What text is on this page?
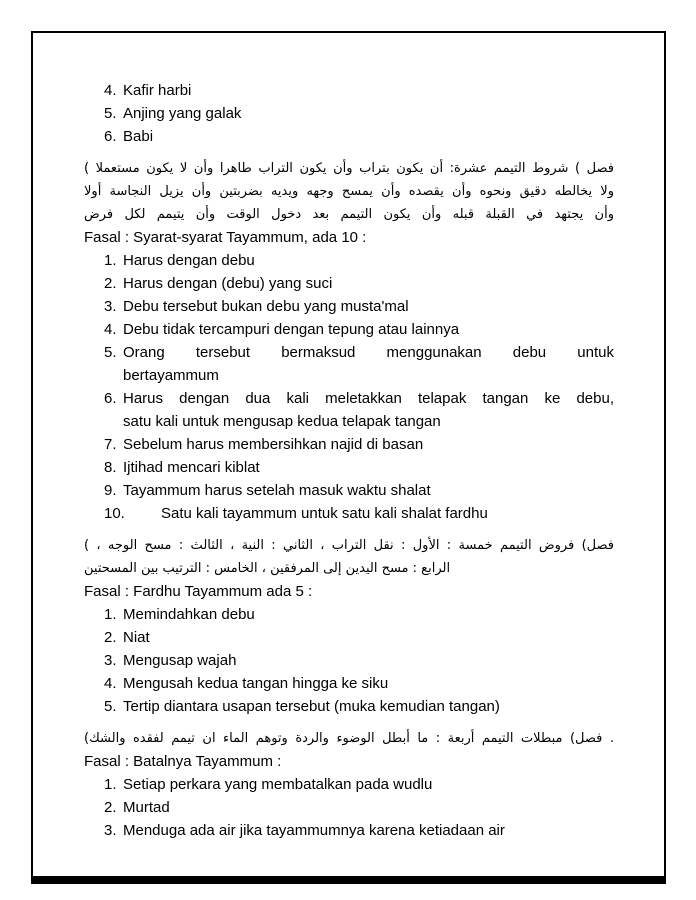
4. Kafir harbi
5. Anjing yang galak
6. Babi
فصل ) شروط التيمم عشرة: أن يكون بتراب وأن يكون التراب طاهرا وأن لا يكون مستعملا )
ولا يخالطه دقيق ونحوه وأن يقصده وأن يمسح وجهه ويديه بضربتين وأن يزيل النجاسة أولا
وأن يجتهد في القبلة قبله وأن يكون التيمم بعد دخول الوقت وأن يتيمم لكل فرض
Fasal : Syarat-syarat Tayammum, ada 10 :
1. Harus dengan debu
2. Harus dengan (debu) yang suci
3. Debu tersebut bukan debu yang musta'mal
4. Debu tidak tercampuri dengan tepung atau lainnya
5. Orang tersebut bermaksud menggunakan debu untuk
bertayammum
6. Harus dengan dua kali meletakkan telapak tangan ke debu,
satu kali untuk mengusap kedua telapak tangan
7. Sebelum harus membersihkan najid di basan
8. Ijtihad mencari kiblat
9. Tayammum harus setelah masuk waktu shalat
10.	Satu kali tayammum untuk satu kali shalat fardhu
فصل) فروض التيمم خمسة : الأول : نقل التراب ، الثاني : النية ، الثالث : مسح الوجه ، )
الرابع : مسح اليدين إلى المرفقين ، الخامس : الترتيب بين المسحتين
Fasal : Fardhu Tayammum ada 5 :
1. Memindahkan debu
2. Niat
3. Mengusap wajah
4. Mengusah kedua tangan hingga ke siku
5. Tertip diantara usapan tersebut (muka kemudian tangan)
. فصل) مبطلات التيمم أربعة : ما أبطل الوضوء والردة وتوهم الماء ان تيمم لفقده والشك)
Fasal : Batalnya Tayammum :
1. Setiap perkara yang membatalkan pada wudlu
2. Murtad
3. Menduga ada air jika tayammumnya karena ketiadaan air
